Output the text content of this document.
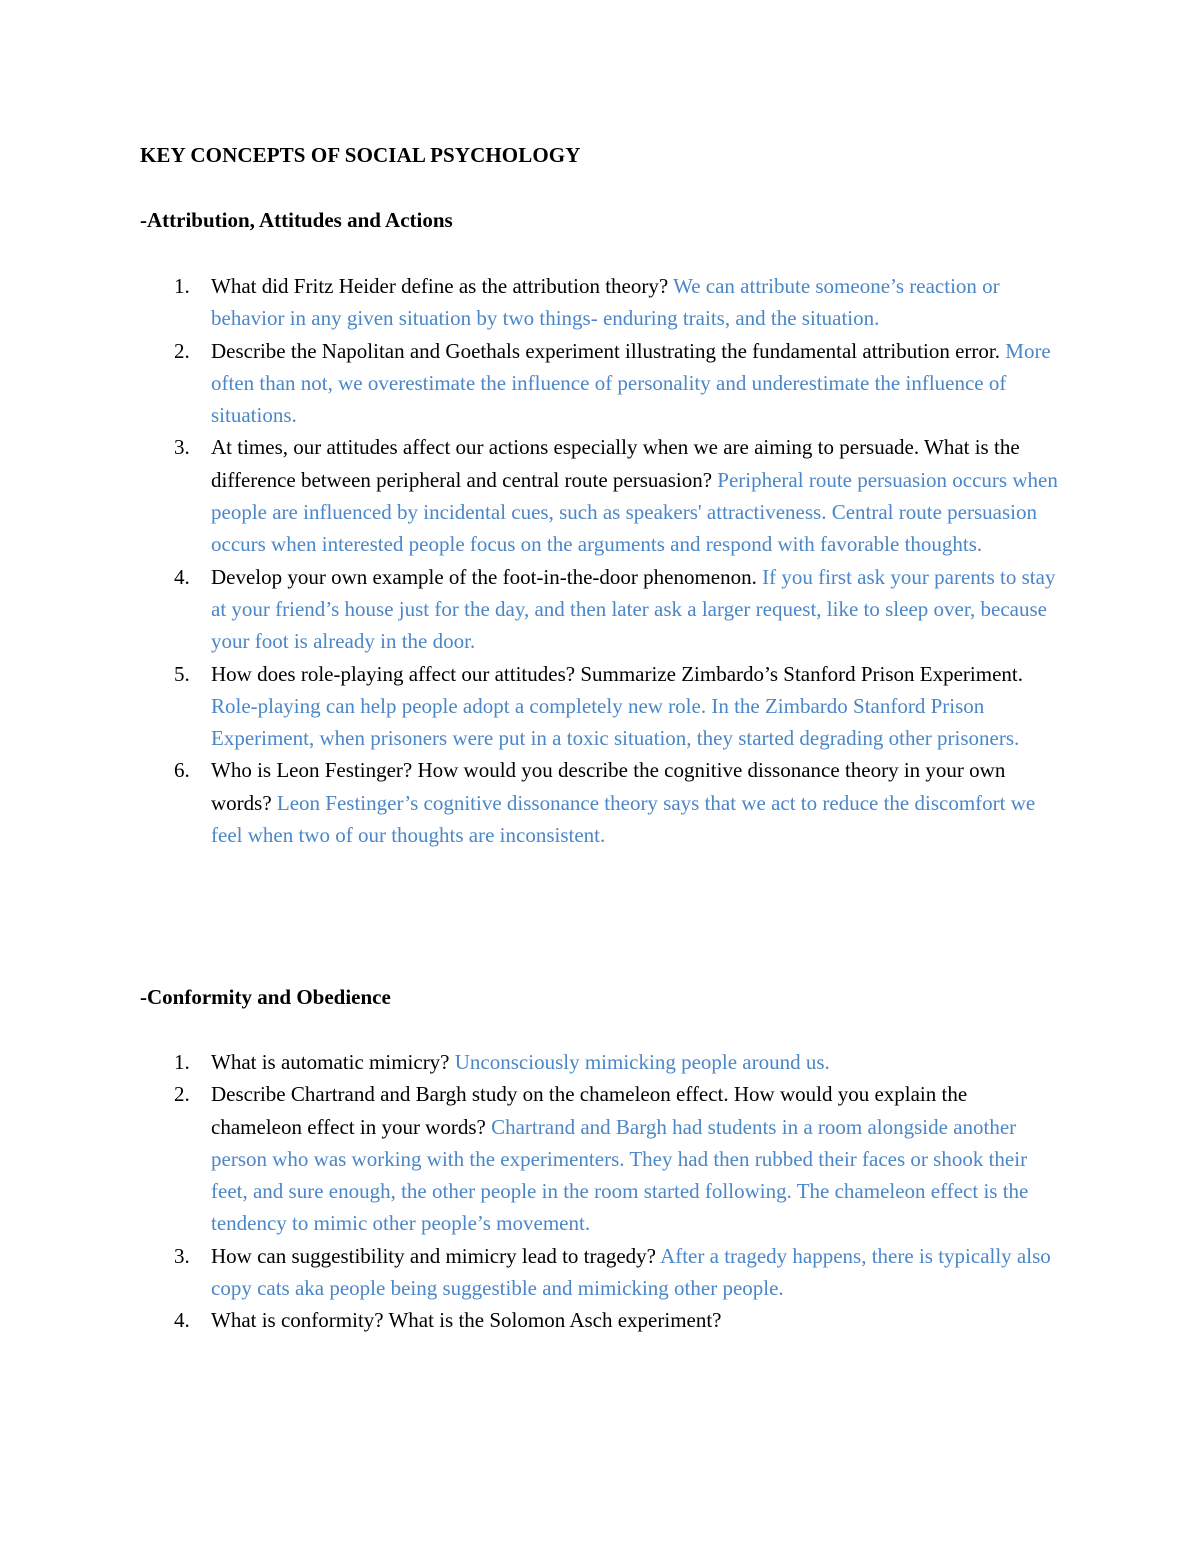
KEY CONCEPTS OF SOCIAL PSYCHOLOGY
-Attribution, Attitudes and Actions
1. What did Fritz Heider define as the attribution theory? We can attribute someone’s reaction or behavior in any given situation by two things- enduring traits, and the situation.
2. Describe the Napolitan and Goethals experiment illustrating the fundamental attribution error. More often than not, we overestimate the influence of personality and underestimate the influence of situations.
3. At times, our attitudes affect our actions especially when we are aiming to persuade. What is the difference between peripheral and central route persuasion? Peripheral route persuasion occurs when people are influenced by incidental cues, such as speakers' attractiveness. Central route persuasion occurs when interested people focus on the arguments and respond with favorable thoughts.
4. Develop your own example of the foot-in-the-door phenomenon. If you first ask your parents to stay at your friend’s house just for the day, and then later ask a larger request, like to sleep over, because your foot is already in the door.
5. How does role-playing affect our attitudes? Summarize Zimbardo’s Stanford Prison Experiment. Role-playing can help people adopt a completely new role. In the Zimbardo Stanford Prison Experiment, when prisoners were put in a toxic situation, they started degrading other prisoners.
6. Who is Leon Festinger? How would you describe the cognitive dissonance theory in your own words? Leon Festinger’s cognitive dissonance theory says that we act to reduce the discomfort we feel when two of our thoughts are inconsistent.
-Conformity and Obedience
1. What is automatic mimicry? Unconsciously mimicking people around us.
2. Describe Chartrand and Bargh study on the chameleon effect. How would you explain the chameleon effect in your words? Chartrand and Bargh had students in a room alongside another person who was working with the experimenters. They had then rubbed their faces or shook their feet, and sure enough, the other people in the room started following. The chameleon effect is the tendency to mimic other people’s movement.
3. How can suggestibility and mimicry lead to tragedy? After a tragedy happens, there is typically also copy cats aka people being suggestible and mimicking other people.
4. What is conformity? What is the Solomon Asch experiment?
